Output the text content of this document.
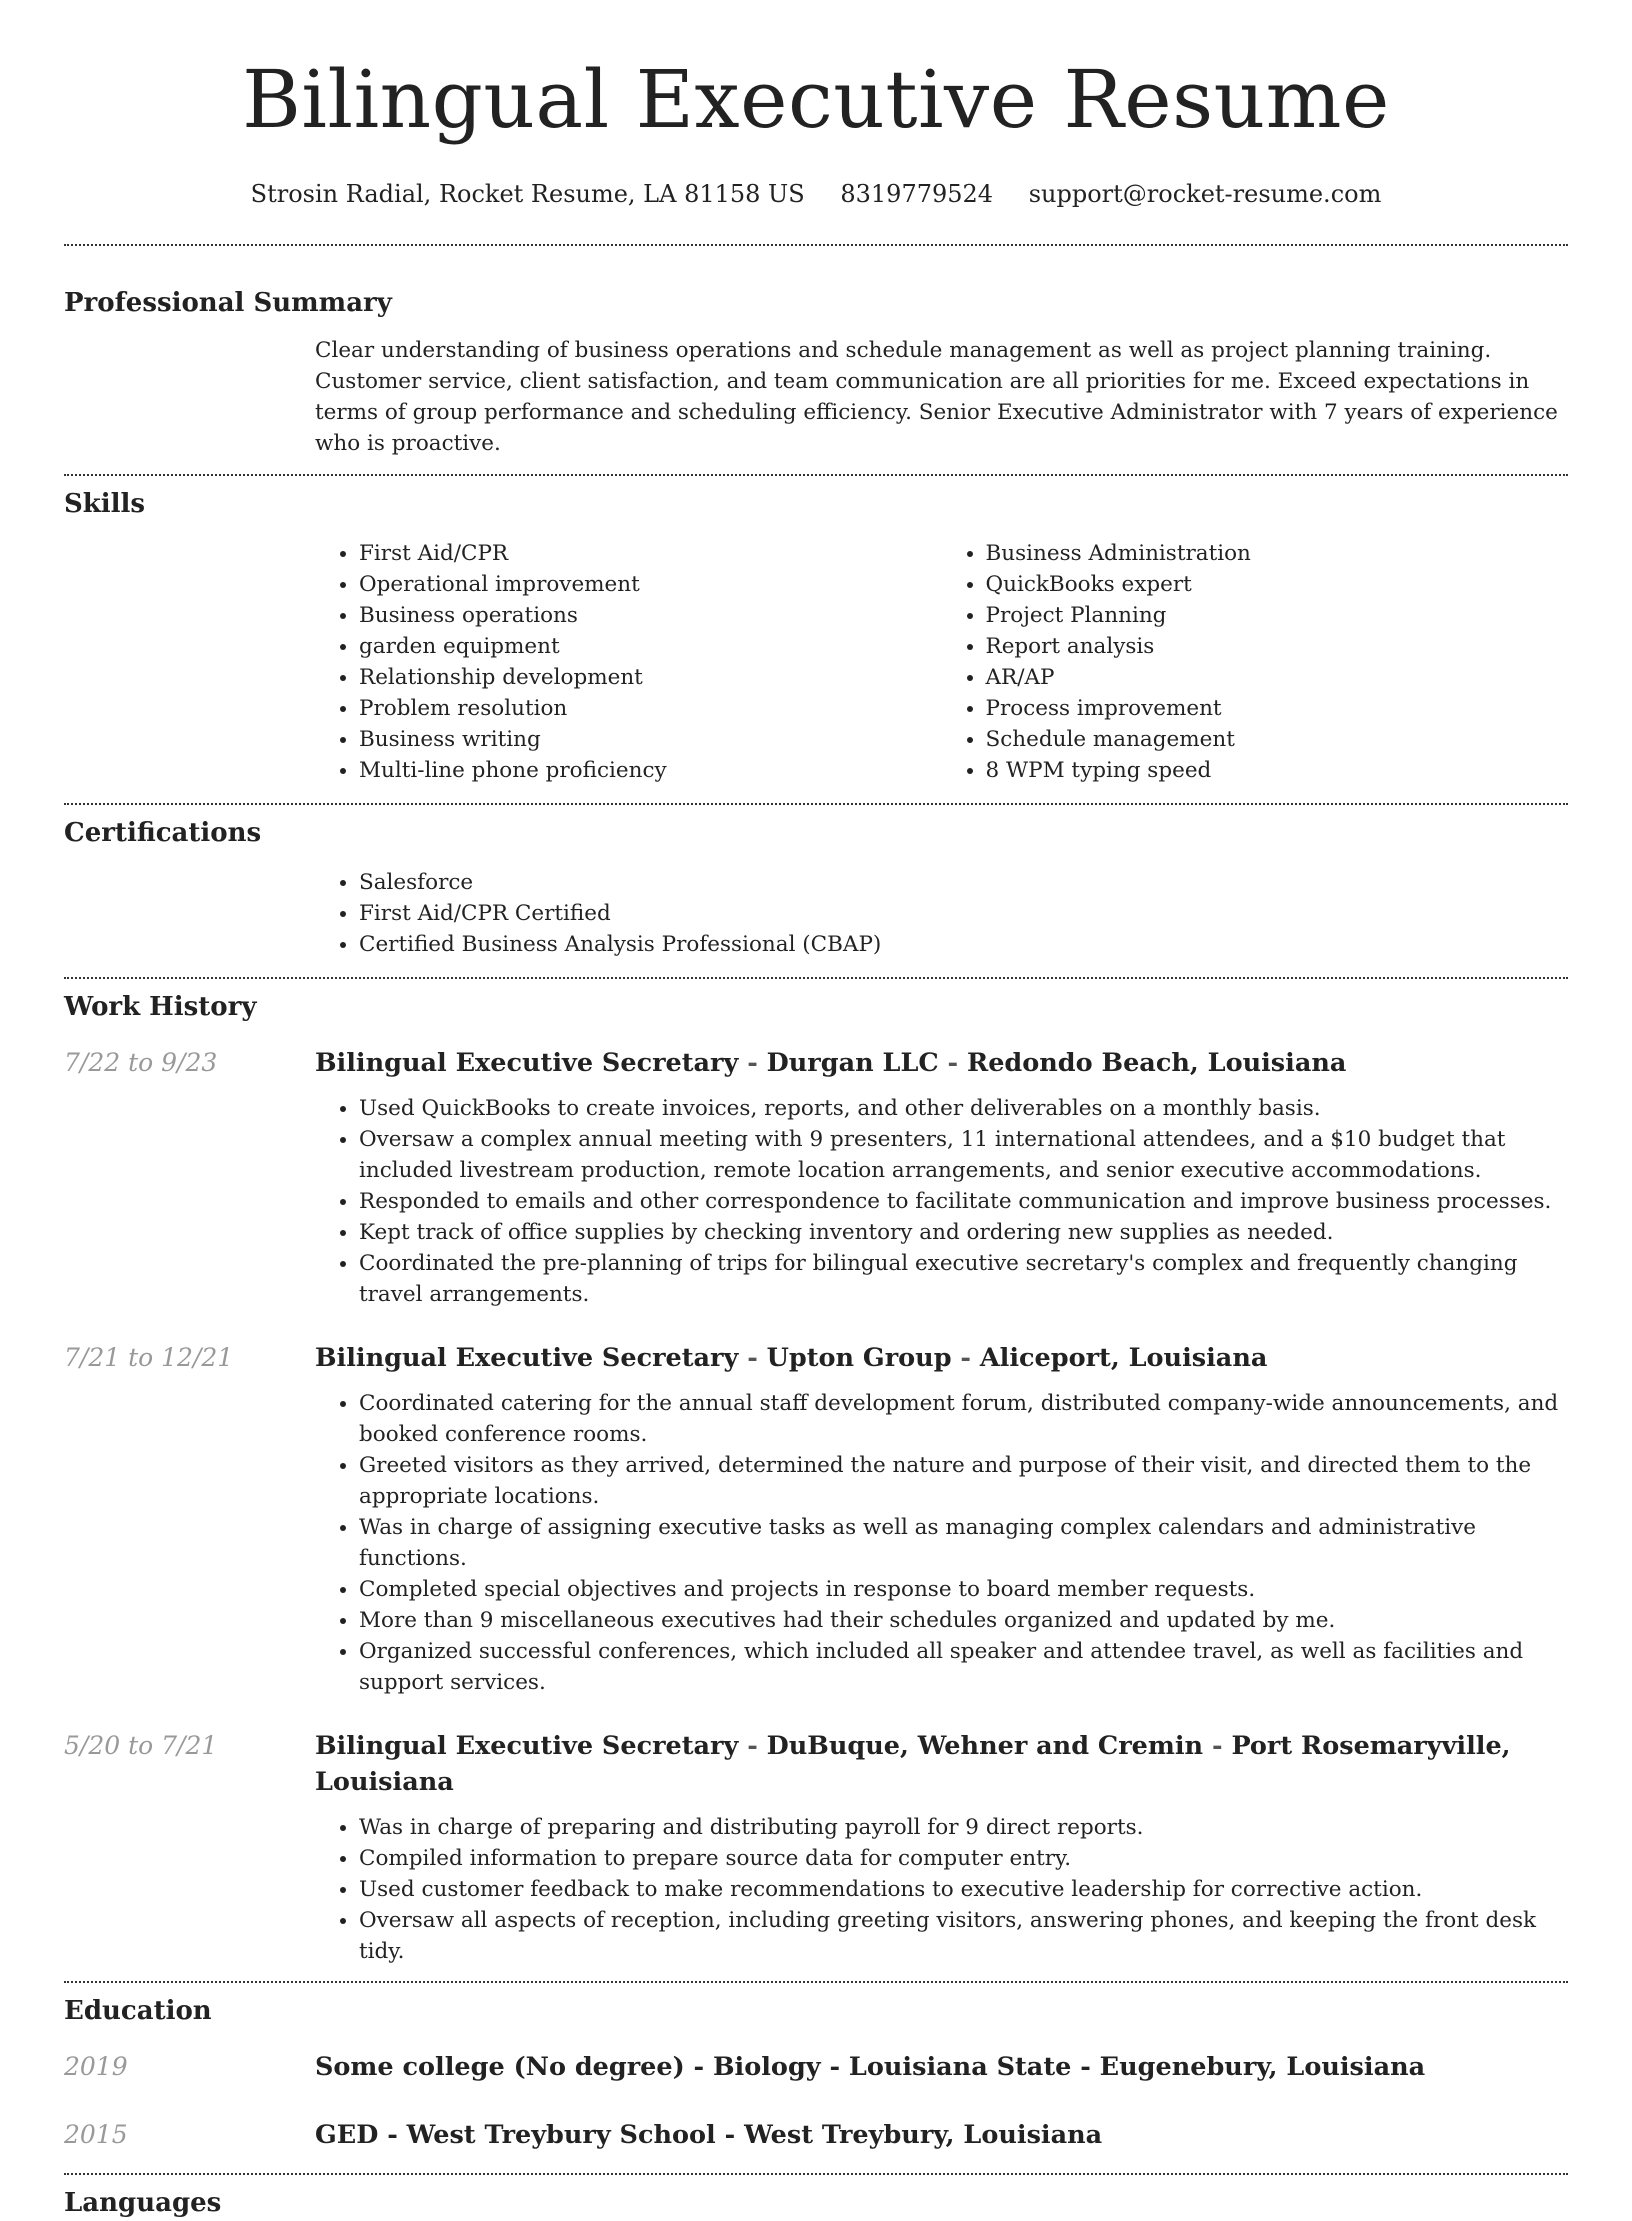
Bilingual Executive Resume
Strosin Radial, Rocket Resume, LA 81158 US 8319779524 support@rocket-resume.com
Professional Summary

Clear understanding of business operations and schedule management as well as project planning training. Customer service, client satisfaction, and team communication are all priorities for me. Exceed expectations in terms of group performance and scheduling efficiency. Senior Executive Administrator with 7 years of experience who is proactive.

Skills
• First Aid/CPR
• Operational improvement
• Business operations
• garden equipment
• Relationship development
• Problem resolution
• Business writing
• Multi-line phone proficiency
• Business Administration
• QuickBooks expert
• Project Planning
• Report analysis
• AR/AP
• Process improvement
• Schedule management
• 8 WPM typing speed
Certifications
• Salesforce
• First Aid/CPR Certified
• Certified Business Analysis Professional (CBAP)
Work History
7/22 to 9/23	Bilingual Executive Secretary - Durgan LLC - Redondo Beach, Louisiana
• Used QuickBooks to create invoices, reports, and other deliverables on a monthly basis.
• Oversaw a complex annual meeting with 9 presenters, 11 international attendees, and a $10 budget that included livestream production, remote location arrangements, and senior executive accommodations.
• Responded to emails and other correspondence to facilitate communication and improve business processes.
• Kept track of office supplies by checking inventory and ordering new supplies as needed.
• Coordinated the pre-planning of trips for bilingual executive secretary's complex and frequently changing travel arrangements.
7/21 to 12/21	Bilingual Executive Secretary - Upton Group - Aliceport, Louisiana
• Coordinated catering for the annual staff development forum, distributed company-wide announcements, and booked conference rooms.
• Greeted visitors as they arrived, determined the nature and purpose of their visit, and directed them to the appropriate locations.
• Was in charge of assigning executive tasks as well as managing complex calendars and administrative functions.
• Completed special objectives and projects in response to board member requests.
• More than 9 miscellaneous executives had their schedules organized and updated by me.
• Organized successful conferences, which included all speaker and attendee travel, as well as facilities and support services.
5/20 to 7/21	Bilingual Executive Secretary - DuBuque, Wehner and Cremin - Port Rosemaryville, Louisiana
• Was in charge of preparing and distributing payroll for 9 direct reports.
• Compiled information to prepare source data for computer entry.
• Used customer feedback to make recommendations to executive leadership for corrective action.
• Oversaw all aspects of reception, including greeting visitors, answering phones, and keeping the front desk tidy.
Education
2019	Some college (No degree) - Biology - Louisiana State - Eugenebury, Louisiana
2015	GED - West Treybury School - West Treybury, Louisiana
Languages
